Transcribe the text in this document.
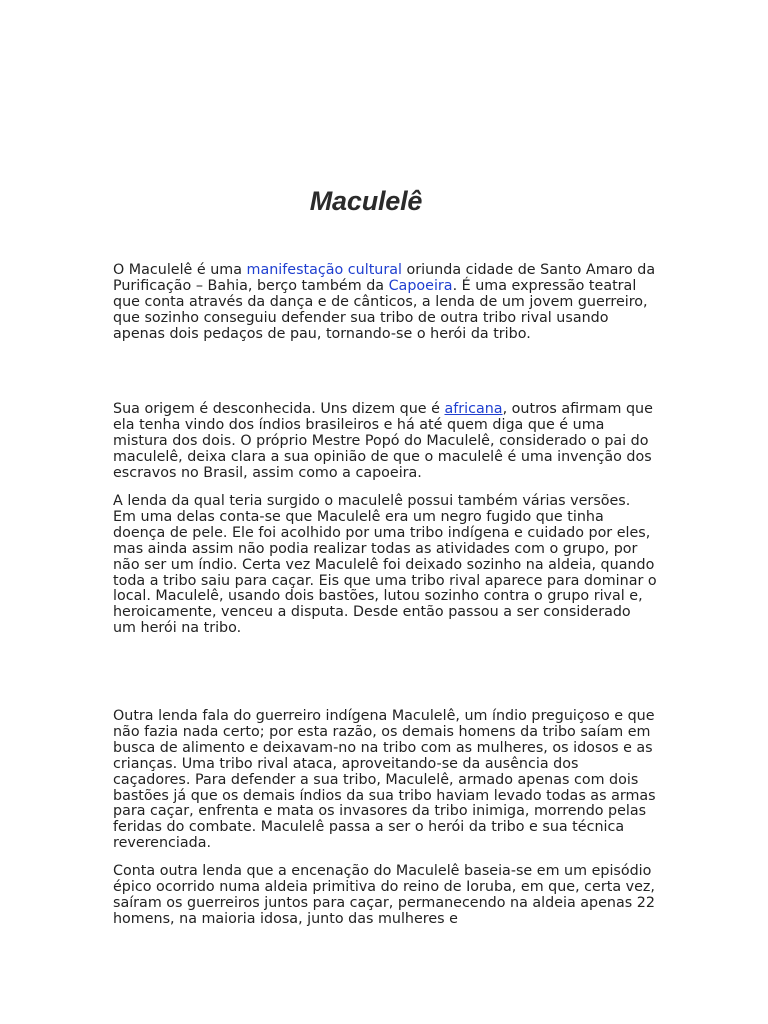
Maculelê

O Maculelê é uma manifestação cultural oriunda cidade de Santo Amaro da Purificação – Bahia, berço também da Capoeira. É uma expressão teatral que conta através da dança e de cânticos, a lenda de um jovem guerreiro, que sozinho conseguiu defender sua tribo de outra tribo rival usando apenas dois pedaços de pau, tornando-se o herói da tribo.

Sua origem é desconhecida. Uns dizem que é africana, outros afirmam que ela tenha vindo dos índios brasileiros e há até quem diga que é uma mistura dos dois. O próprio Mestre Popó do Maculelê, considerado o pai do maculelê, deixa clara a sua opinião de que o maculelê é uma invenção dos escravos no Brasil, assim como a capoeira.

A lenda da qual teria surgido o maculelê possui também várias versões.
Em uma delas conta-se que Maculelê era um negro fugido que tinha doença de pele. Ele foi acolhido por uma tribo indígena e cuidado por eles, mas ainda assim não podia realizar todas as atividades com o grupo, por não ser um índio. Certa vez Maculelê foi deixado sozinho na aldeia, quando toda a tribo saiu para caçar. Eis que uma tribo rival aparece para dominar o local. Maculelê, usando dois bastões, lutou sozinho contra o grupo rival e, heroicamente, venceu a disputa. Desde então passou a ser considerado um herói na tribo.

Outra lenda fala do guerreiro indígena Maculelê, um índio preguiçoso e que não fazia nada certo; por esta razão, os demais homens da tribo saíam em busca de alimento e deixavam-no na tribo com as mulheres, os idosos e as crianças. Uma tribo rival ataca, aproveitando-se da ausência dos caçadores. Para defender a sua tribo, Maculelê, armado apenas com dois bastões já que os demais índios da sua tribo haviam levado todas as armas para caçar, enfrenta e mata os invasores da tribo inimiga, morrendo pelas feridas do combate. Maculelê passa a ser o herói da tribo e sua técnica reverenciada.

Conta outra lenda que a encenação do Maculelê baseia-se em um episódio épico ocorrido numa aldeia primitiva do reino de Ioruba, em que, certa vez, saíram os guerreiros juntos para caçar, permanecendo na aldeia apenas 22 homens, na maioria idosa, junto das mulheres e
